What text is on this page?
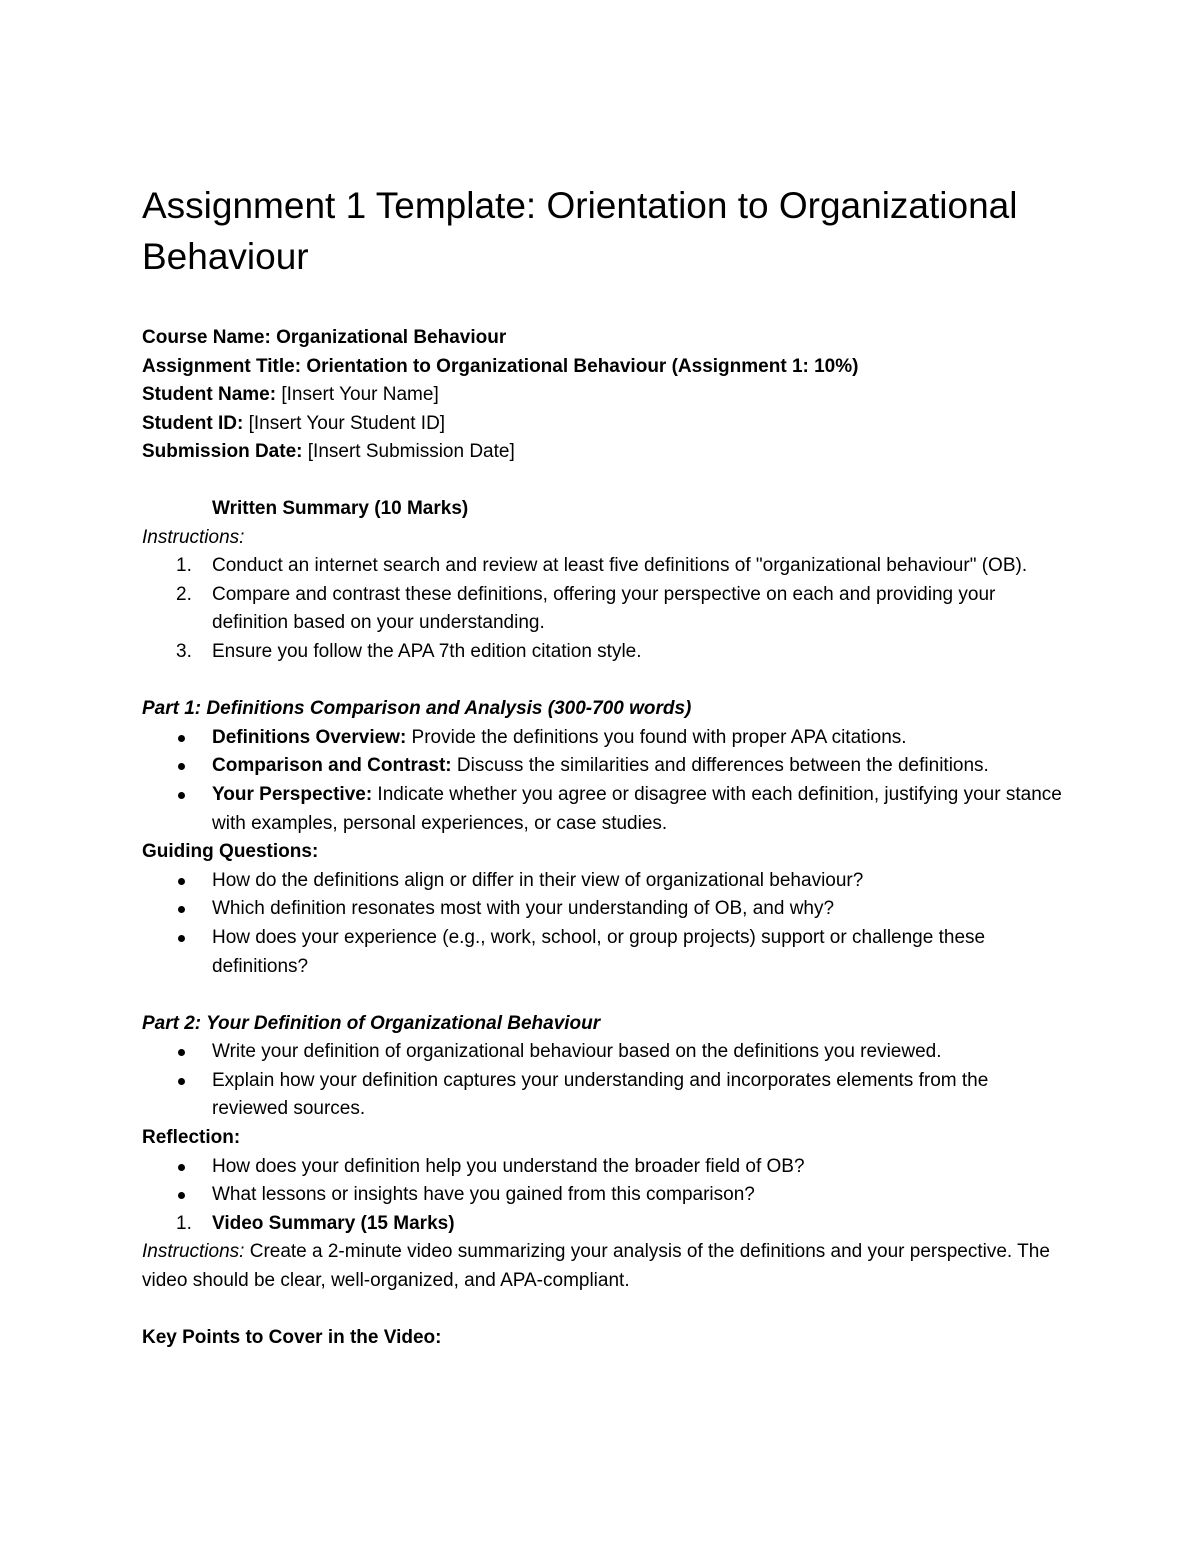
Assignment 1 Template: Orientation to Organizational Behaviour
Course Name: Organizational Behaviour
Assignment Title: Orientation to Organizational Behaviour (Assignment 1: 10%)
Student Name: [Insert Your Name]
Student ID: [Insert Your Student ID]
Submission Date: [Insert Submission Date]
Written Summary (10 Marks)
Instructions:
1.	Conduct an internet search and review at least five definitions of "organizational behaviour" (OB).
2.	Compare and contrast these definitions, offering your perspective on each and providing your definition based on your understanding.
3.	Ensure you follow the APA 7th edition citation style.
Part 1: Definitions Comparison and Analysis (300-700 words)
Definitions Overview: Provide the definitions you found with proper APA citations.
Comparison and Contrast: Discuss the similarities and differences between the definitions.
Your Perspective: Indicate whether you agree or disagree with each definition, justifying your stance with examples, personal experiences, or case studies.
Guiding Questions:
How do the definitions align or differ in their view of organizational behaviour?
Which definition resonates most with your understanding of OB, and why?
How does your experience (e.g., work, school, or group projects) support or challenge these definitions?
Part 2: Your Definition of Organizational Behaviour
Write your definition of organizational behaviour based on the definitions you reviewed.
Explain how your definition captures your understanding and incorporates elements from the reviewed sources.
Reflection:
How does your definition help you understand the broader field of OB?
What lessons or insights have you gained from this comparison?
1.	Video Summary (15 Marks)
Instructions: Create a 2-minute video summarizing your analysis of the definitions and your perspective. The video should be clear, well-organized, and APA-compliant.
Key Points to Cover in the Video:
